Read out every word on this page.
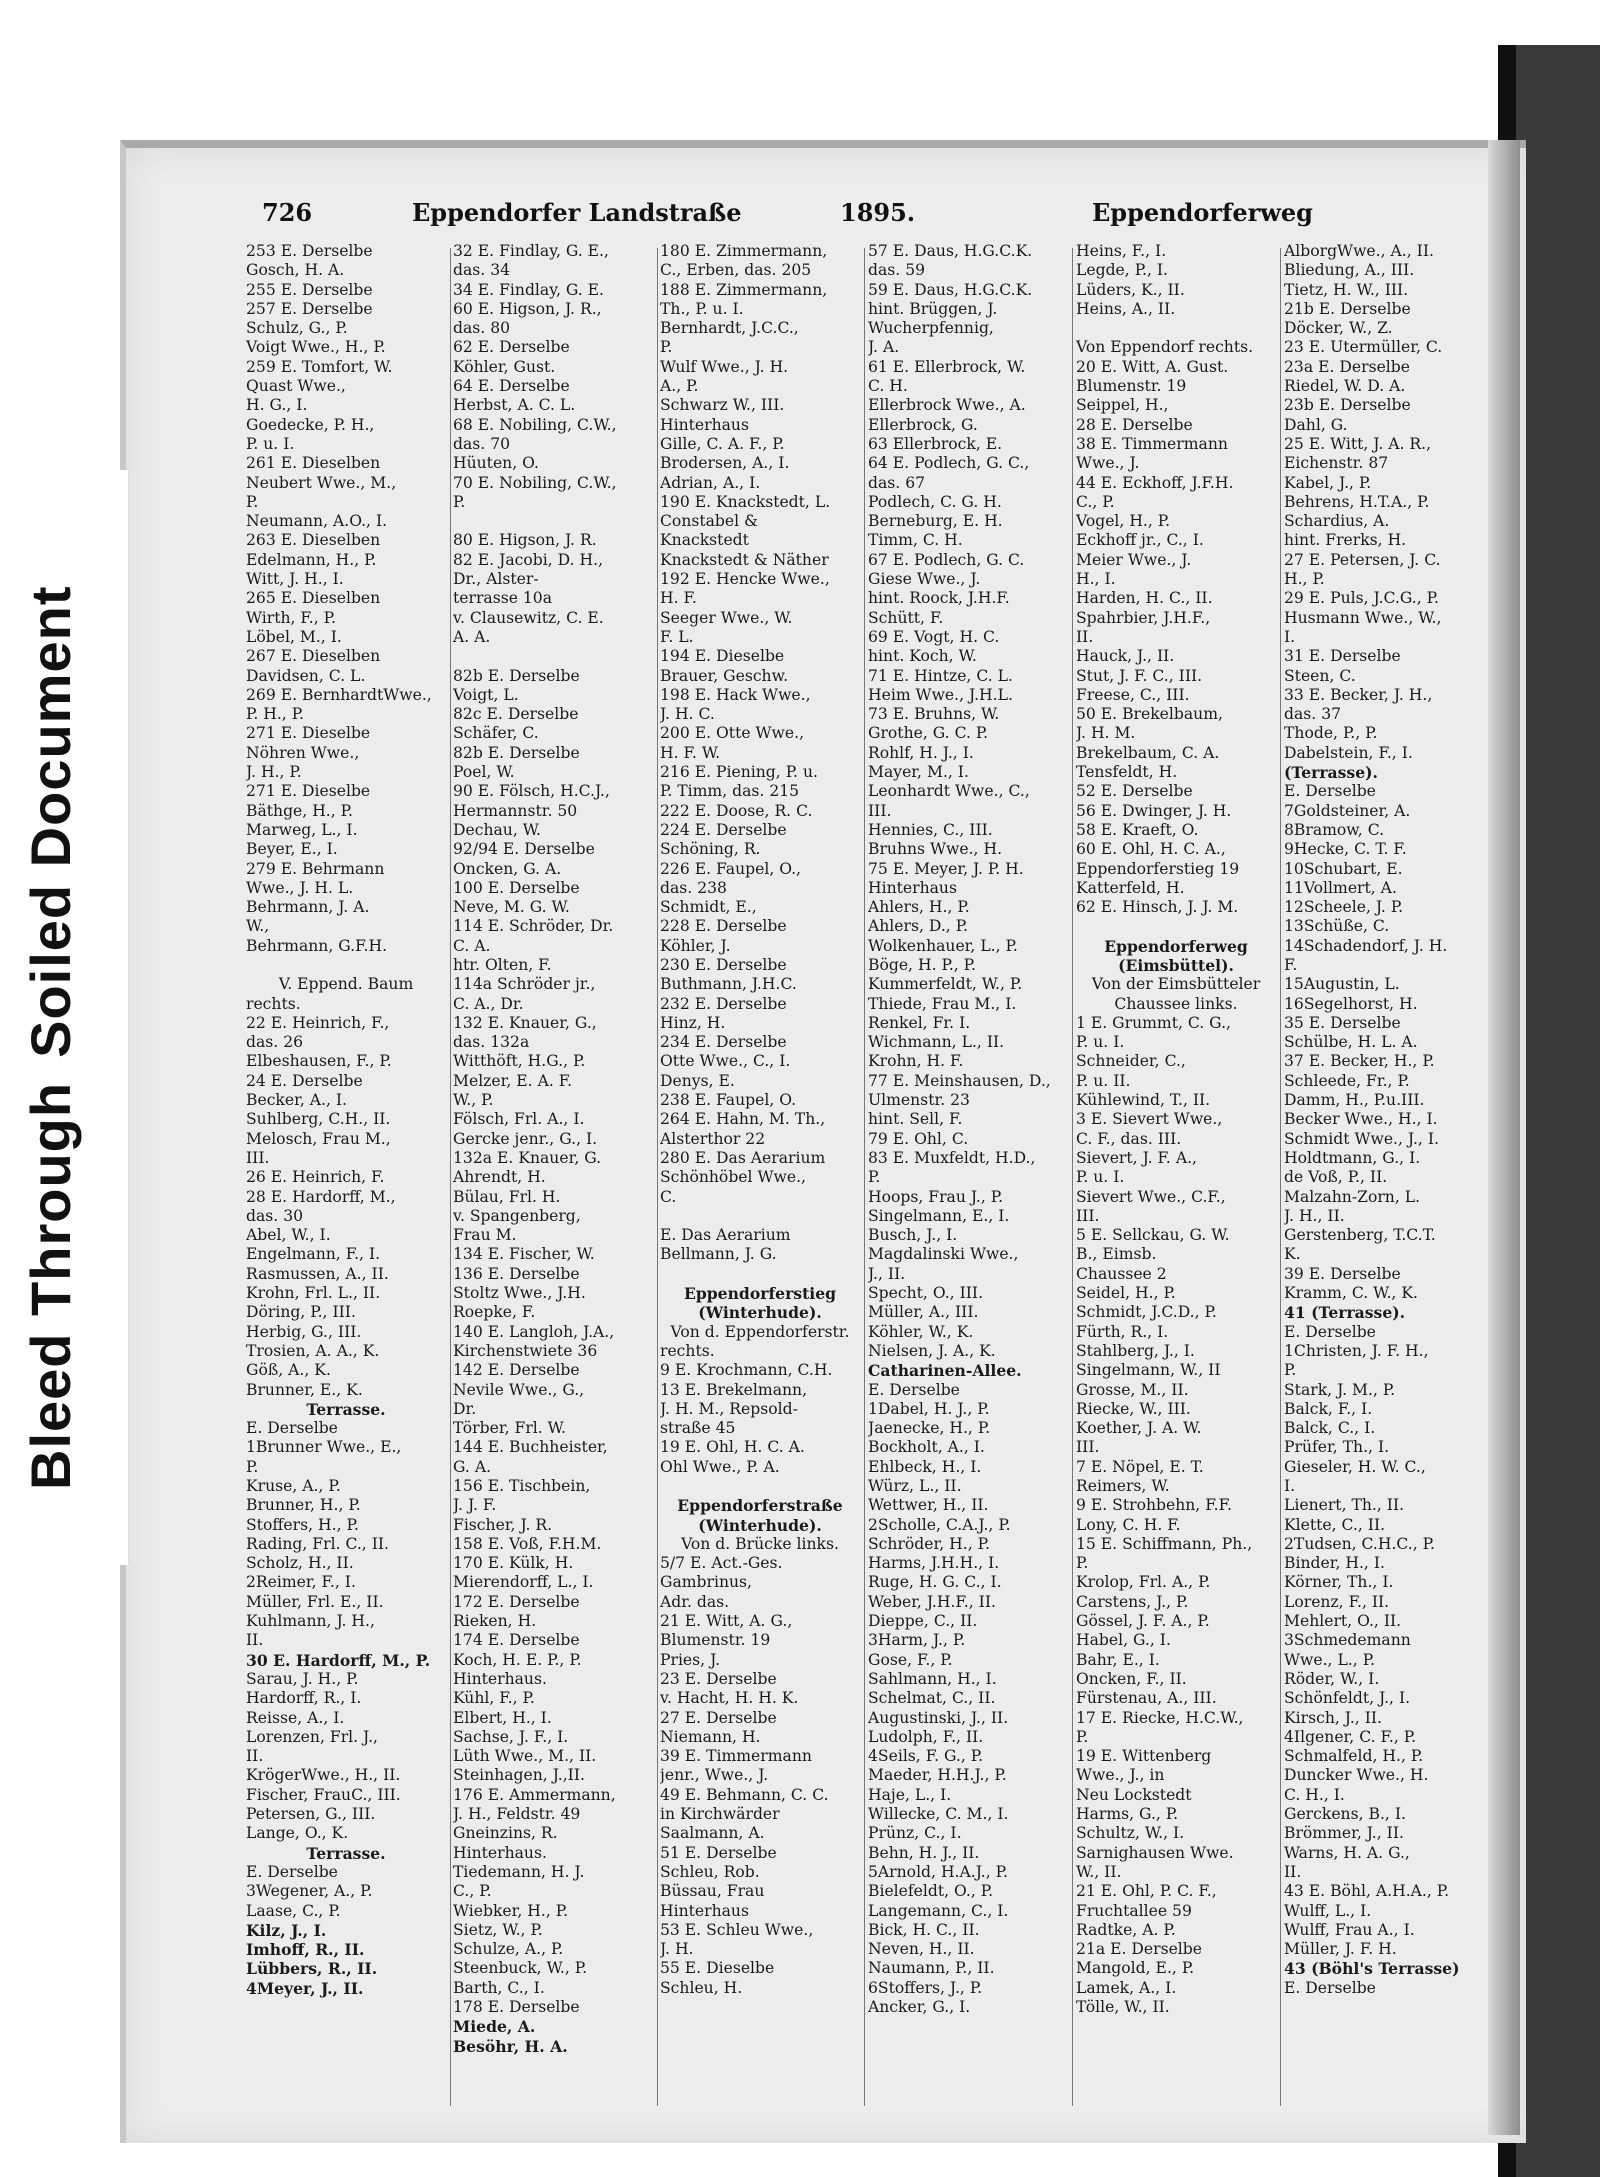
Bleed ThroughSoiled Document
726	Eppendorfer Landstraße	1895.	Eppendorferweg
253 E. Derselbe
Gosch, H. A.
255 E. Derselbe
257 E. Derselbe
Schulz, G., P.
Voigt Wwe., H., P.
259 E. Tomfort, W.
Quast Wwe.,
H. G., I.
Goedecke, P. H.,
P. u. I.
261 E. Dieselben
Neubert Wwe., M.,
P.
Neumann, A.O., I.
263 E. Dieselben
Edelmann, H., P.
Witt, J. H., I.
265 E. Dieselben
Wirth, F., P.
Löbel, M., I.
267 E. Dieselben
Davidsen, C. L.
269 E. BernhardtWwe.,
P. H., P.
271 E. Dieselbe
Nöhren Wwe.,
J. H., P.
271 E. Dieselbe
Bäthge, H., P.
Marweg, L., I.
Beyer, E., I.
279 E. Behrmann
Wwe., J. H. L.
Behrmann, J. A.
W.,
Behrmann, G.F.H.
V. Eppend. Baum
rechts.
22 E. Heinrich, F.,
das. 26
Elbeshausen, F., P.
24 E. Derselbe
Becker, A., I.
Suhlberg, C.H., II.
Melosch, Frau M.,
III.
26 E. Heinrich, F.
28 E. Hardorff, M.,
das. 30
Abel, W., I.
Engelmann, F., I.
Rasmussen, A., II.
Krohn, Frl. L., II.
Döring, P., III.
Herbig, G., III.
Trosien, A. A., K.
Göß, A., K.
Brunner, E., K.
Terrasse.
E. Derselbe
1Brunner Wwe., E.,
P.
Kruse, A., P.
Brunner, H., P.
Stoffers, H., P.
Rading, Frl. C., II.
Scholz, H., II.
2Reimer, F., I.
Müller, Frl. E., II.
Kuhlmann, J. H.,
II.
30 E. Hardorff, M., P.
Sarau, J. H., P.
Hardorff, R., I.
Reisse, A., I.
Lorenzen, Frl. J.,
II.
KrögerWwe., H., II.
Fischer, FrauC., III.
Petersen, G., III.
Lange, O., K.
Terrasse.
E. Derselbe
3Wegener, A., P.
Laase, C., P.
Kilz, J., I.
Imhoff, R., II.
Lübbers, R., II.
4Meyer, J., II.
32 E. Findlay, G. E.,
das. 34
34 E. Findlay, G. E.
60 E. Higson, J. R.,
das. 80
62 E. Derselbe
Köhler, Gust.
64 E. Derselbe
Herbst, A. C. L.
68 E. Nobiling, C.W.,
das. 70
Hüuten, O.
70 E. Nobiling, C.W.,
P.
80 E. Higson, J. R.
82 E. Jacobi, D. H.,
Dr., Alster-
terrasse 10a
v. Clausewitz, C. E.
A. A.
82b E. Derselbe
Voigt, L.
82c E. Derselbe
Schäfer, C.
82b E. Derselbe
Poel, W.
90 E. Fölsch, H.C.J.,
Hermannstr. 50
Dechau, W.
92/94 E. Derselbe
Oncken, G. A.
100 E. Derselbe
Neve, M. G. W.
114 E. Schröder, Dr.
C. A.
htr. Olten, F.
114a Schröder jr.,
C. A., Dr.
132 E. Knauer, G.,
das. 132a
Witthöft, H.G., P.
Melzer, E. A. F.
W., P.
Fölsch, Frl. A., I.
Gercke jenr., G., I.
132a E. Knauer, G.
Ahrendt, H.
Bülau, Frl. H.
v. Spangenberg,
Frau M.
134 E. Fischer, W.
136 E. Derselbe
Stoltz Wwe., J.H.
Roepke, F.
140 E. Langloh, J.A.,
Kirchenstwiete 36
142 E. Derselbe
Nevile Wwe., G.,
Dr.
Törber, Frl. W.
144 E. Buchheister,
G. A.
156 E. Tischbein,
J. J. F.
Fischer, J. R.
158 E. Voß, F.H.M.
170 E. Külk, H.
Mierendorff, L., I.
172 E. Derselbe
Rieken, H.
174 E. Derselbe
Koch, H. E. P., P.
Hinterhaus.
Kühl, F., P.
Elbert, H., I.
Sachse, J. F., I.
Lüth Wwe., M., II.
Steinhagen, J.,II.
176 E. Ammermann,
J. H., Feldstr. 49
Gneinzins, R.
Hinterhaus.
Tiedemann, H. J.
C., P.
Wiebker, H., P.
Sietz, W., P.
Schulze, A., P.
Steenbuck, W., P.
Barth, C., I.
178 E. Derselbe
Miede, A.
Besöhr, H. A.
180 E. Zimmermann,
C., Erben, das. 205
188 E. Zimmermann,
Th., P. u. I.
Bernhardt, J.C.C.,
P.
Wulf Wwe., J. H.
A., P.
Schwarz W., III.
Hinterhaus
Gille, C. A. F., P.
Brodersen, A., I.
Adrian, A., I.
190 E. Knackstedt, L.
Constabel &
Knackstedt
Knackstedt & Näther
192 E. Hencke Wwe.,
H. F.
Seeger Wwe., W.
F. L.
194 E. Dieselbe
Brauer, Geschw.
198 E. Hack Wwe.,
J. H. C.
200 E. Otte Wwe.,
H. F. W.
216 E. Piening, P. u.
P. Timm, das. 215
222 E. Doose, R. C.
224 E. Derselbe
Schöning, R.
226 E. Faupel, O.,
das. 238
Schmidt, E.,
228 E. Derselbe
Köhler, J.
230 E. Derselbe
Buthmann, J.H.C.
232 E. Derselbe
Hinz, H.
234 E. Derselbe
Otte Wwe., C., I.
Denys, E.
238 E. Faupel, O.
264 E. Hahn, M. Th.,
Alsterthor 22
280 E. Das Aerarium
Schönhöbel Wwe.,
C.
E. Das Aerarium
Bellmann, J. G.
Eppendorferstieg
(Winterhude).
Von d. Eppendorferstr.
rechts.
9 E. Krochmann, C.H.
13 E. Brekelmann,
J. H. M., Repsold-
straße 45
19 E. Ohl, H. C. A.
Ohl Wwe., P. A.
Eppendorferstraße
(Winterhude).
Von d. Brücke links.
5/7 E. Act.-Ges.
Gambrinus,
Adr. das.
21 E. Witt, A. G.,
Blumenstr. 19
Pries, J.
23 E. Derselbe
v. Hacht, H. H. K.
27 E. Derselbe
Niemann, H.
39 E. Timmermann
jenr., Wwe., J.
49 E. Behmann, C. C.
in Kirchwärder
Saalmann, A.
51 E. Derselbe
Schleu, Rob.
Büssau, Frau
Hinterhaus
53 E. Schleu Wwe.,
J. H.
55 E. Dieselbe
Schleu, H.
57 E. Daus, H.G.C.K.
das. 59
59 E. Daus, H.G.C.K.
hint. Brüggen, J.
Wucherpfennig,
J. A.
61 E. Ellerbrock, W.
C. H.
Ellerbrock Wwe., A.
Ellerbrock, G.
63 Ellerbrock, E.
64 E. Podlech, G. C.,
das. 67
Podlech, C. G. H.
Berneburg, E. H.
Timm, C. H.
67 E. Podlech, G. C.
Giese Wwe., J.
hint. Roock, J.H.F.
Schütt, F.
69 E. Vogt, H. C.
hint. Koch, W.
71 E. Hintze, C. L.
Heim Wwe., J.H.L.
73 E. Bruhns, W.
Grothe, G. C. P.
Rohlf, H. J., I.
Mayer, M., I.
Leonhardt Wwe., C.,
III.
Hennies, C., III.
Bruhns Wwe., H.
75 E. Meyer, J. P. H.
Hinterhaus
Ahlers, H., P.
Ahlers, D., P.
Wolkenhauer, L., P.
Böge, H. P., P.
Kummerfeldt, W., P.
Thiede, Frau M., I.
Renkel, Fr. I.
Wichmann, L., II.
Krohn, H. F.
77 E. Meinshausen, D.,
Ulmenstr. 23
hint. Sell, F.
79 E. Ohl, C.
83 E. Muxfeldt, H.D.,
P.
Hoops, Frau J., P.
Singelmann, E., I.
Busch, J., I.
Magdalinski Wwe.,
J., II.
Specht, O., III.
Müller, A., III.
Köhler, W., K.
Nielsen, J. A., K.
Catharinen-Allee.
E. Derselbe
1Dabel, H. J., P.
Jaenecke, H., P.
Bockholt, A., I.
Ehlbeck, H., I.
Würz, L., II.
Wettwer, H., II.
2Scholle, C.A.J., P.
Schröder, H., P.
Harms, J.H.H., I.
Ruge, H. G. C., I.
Weber, J.H.F., II.
Dieppe, C., II.
3Harm, J., P.
Gose, F., P.
Sahlmann, H., I.
Schelmat, C., II.
Augustinski, J., II.
Ludolph, F., II.
4Seils, F. G., P.
Maeder, H.H.J., P.
Haje, L., I.
Willecke, C. M., I.
Prünz, C., I.
Behn, H. J., II.
5Arnold, H.A.J., P.
Bielefeldt, O., P.
Langemann, C., I.
Bick, H. C., II.
Neven, H., II.
Naumann, P., II.
6Stoffers, J., P.
Ancker, G., I.
Heins, F., I.
Legde, P., I.
Lüders, K., II.
Heins, A., II.
Von Eppendorf rechts.
20 E. Witt, A. Gust.
Blumenstr. 19
Seippel, H.,
28 E. Derselbe
38 E. Timmermann
Wwe., J.
44 E. Eckhoff, J.F.H.
C., P.
Vogel, H., P.
Eckhoff jr., C., I.
Meier Wwe., J.
H., I.
Harden, H. C., II.
Spahrbier, J.H.F.,
II.
Hauck, J., II.
Stut, J. F. C., III.
Freese, C., III.
50 E. Brekelbaum,
J. H. M.
Brekelbaum, C. A.
Tensfeldt, H.
52 E. Derselbe
56 E. Dwinger, J. H.
58 E. Kraeft, O.
60 E. Ohl, H. C. A.,
Eppendorferstieg 19
Katterfeld, H.
62 E. Hinsch, J. J. M.
Eppendorferweg
(Eimsbüttel).
Von der Eimsbütteler
Chaussee links.
1 E. Grummt, C. G.,
P. u. I.
Schneider, C.,
P. u. II.
Kühlewind, T., II.
3 E. Sievert Wwe.,
C. F., das. III.
Sievert, J. F. A.,
P. u. I.
Sievert Wwe., C.F.,
III.
5 E. Sellckau, G. W.
B., Eimsb.
Chaussee 2
Seidel, H., P.
Schmidt, J.C.D., P.
Fürth, R., I.
Stahlberg, J., I.
Singelmann, W., II
Grosse, M., II.
Riecke, W., III.
Koether, J. A. W.
III.
7 E. Nöpel, E. T.
Reimers, W.
9 E. Strohbehn, F.F.
Lony, C. H. F.
15 E. Schiffmann, Ph.,
P.
Krolop, Frl. A., P.
Carstens, J., P.
Gössel, J. F. A., P.
Habel, G., I.
Bahr, E., I.
Oncken, F., II.
Fürstenau, A., III.
17 E. Riecke, H.C.W.,
P.
19 E. Wittenberg
Wwe., J., in
Neu Lockstedt
Harms, G., P.
Schultz, W., I.
Sarnighausen Wwe.
W., II.
21 E. Ohl, P. C. F.,
Fruchtallee 59
Radtke, A. P.
21a E. Derselbe
Mangold, E., P.
Lamek, A., I.
Tölle, W., II.
AlborgWwe., A., II.
Bliedung, A., III.
Tietz, H. W., III.
21b E. Derselbe
Döcker, W., Z.
23 E. Utermüller, C.
23a E. Derselbe
Riedel, W. D. A.
23b E. Derselbe
Dahl, G.
25 E. Witt, J. A. R.,
Eichenstr. 87
Kabel, J., P.
Behrens, H.T.A., P.
Schardius, A.
hint. Frerks, H.
27 E. Petersen, J. C.
H., P.
29 E. Puls, J.C.G., P.
Husmann Wwe., W.,
I.
31 E. Derselbe
Steen, C.
33 E. Becker, J. H.,
das. 37
Thode, P., P.
Dabelstein, F., I.
(Terrasse).
E. Derselbe
7Goldsteiner, A.
8Bramow, C.
9Hecke, C. T. F.
10Schubart, E.
11Vollmert, A.
12Scheele, J. P.
13Schüße, C.
14Schadendorf, J. H.
F.
15Augustin, L.
16Segelhorst, H.
35 E. Derselbe
Schülbe, H. L. A.
37 E. Becker, H., P.
Schleede, Fr., P.
Damm, H., P.u.III.
Becker Wwe., H., I.
Schmidt Wwe., J., I.
Holdtmann, G., I.
de Voß, P., II.
Malzahn-Zorn, L.
J. H., II.
Gerstenberg, T.C.T.
K.
39 E. Derselbe
Kramm, C. W., K.
41 (Terrasse).
E. Derselbe
1Christen, J. F. H.,
P.
Stark, J. M., P.
Balck, F., I.
Balck, C., I.
Prüfer, Th., I.
Gieseler, H. W. C.,
I.
Lienert, Th., II.
Klette, C., II.
2Tudsen, C.H.C., P.
Binder, H., I.
Körner, Th., I.
Lorenz, F., II.
Mehlert, O., II.
3Schmedemann
Wwe., L., P.
Röder, W., I.
Schönfeldt, J., I.
Kirsch, J., II.
4Ilgener, C. F., P.
Schmalfeld, H., P.
Duncker Wwe., H.
C. H., I.
Gerckens, B., I.
Brömmer, J., II.
Warns, H. A. G.,
II.
43 E. Böhl, A.H.A., P.
Wulff, L., I.
Wulff, Frau A., I.
Müller, J. F. H.
43 (Böhl's Terrasse)
E. Derselbe
